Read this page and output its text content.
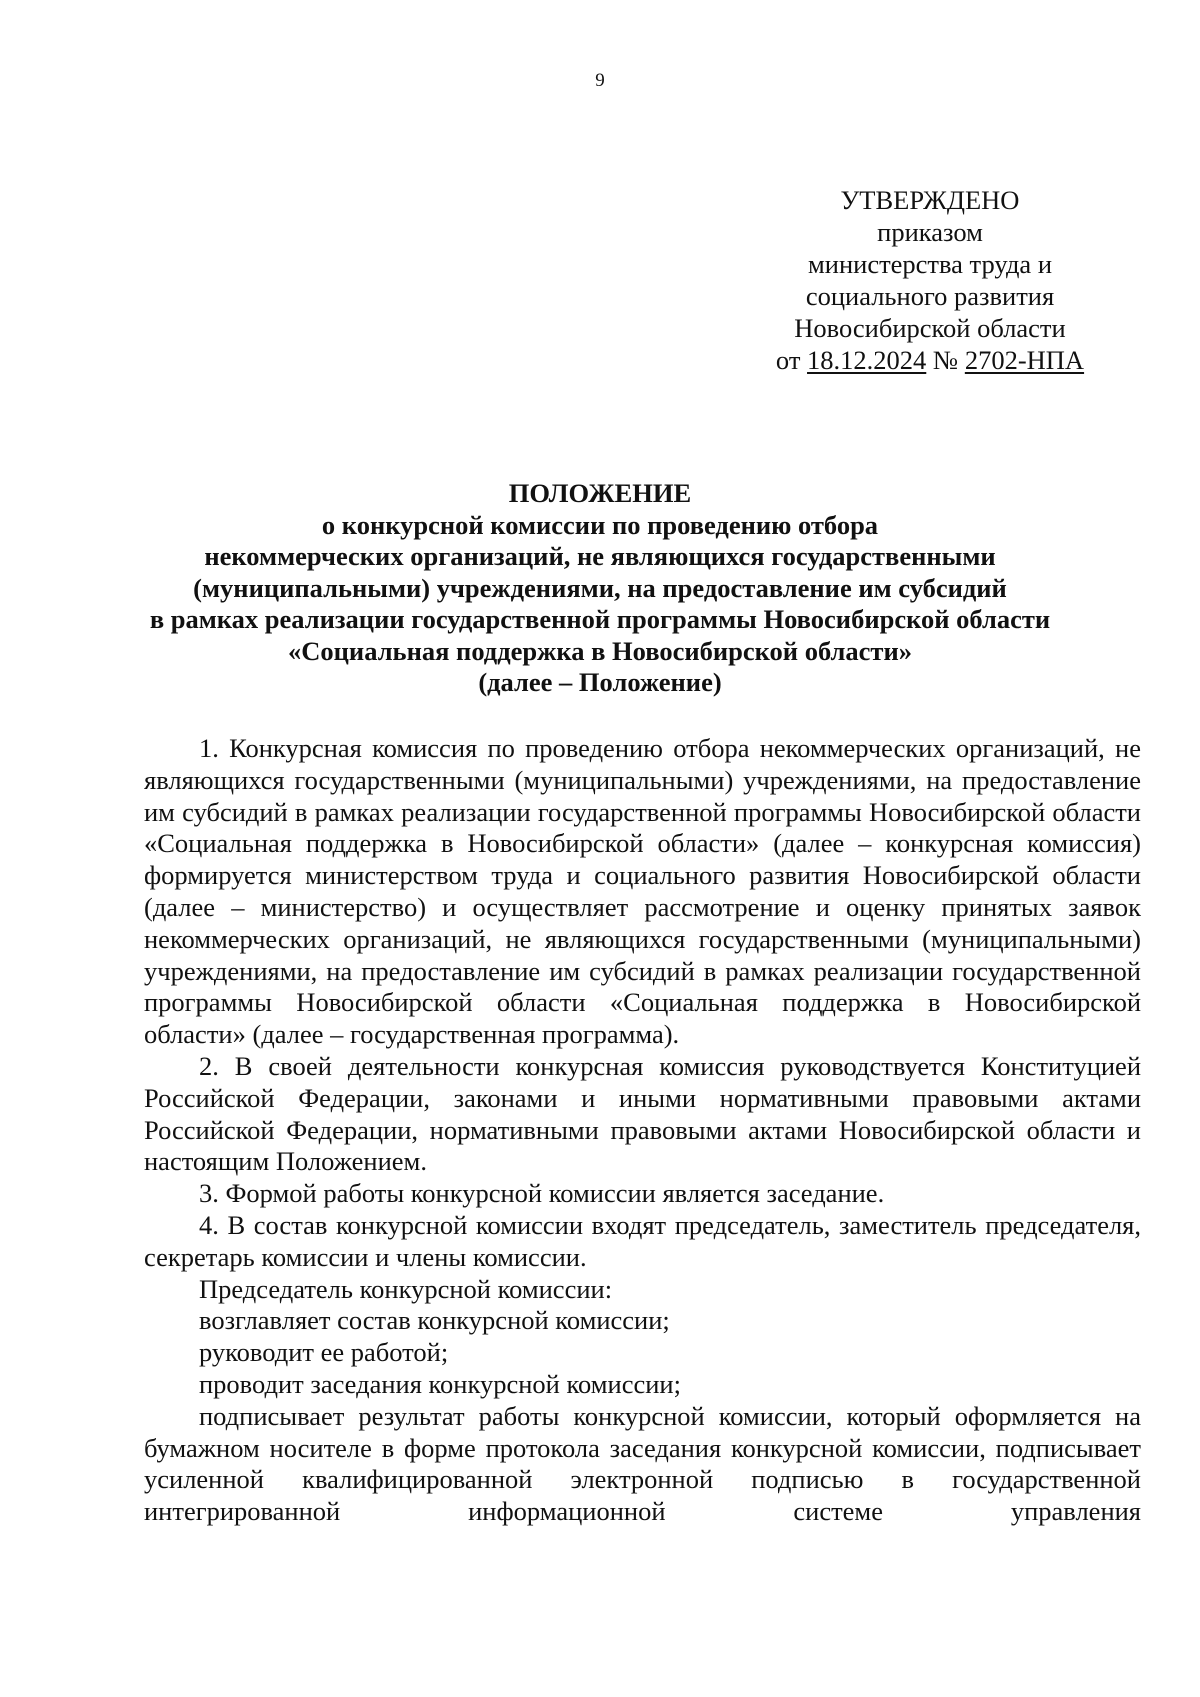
9
УТВЕРЖДЕНО
приказом
министерства труда и
социального развития
Новосибирской области
от 18.12.2024 № 2702-НПА
ПОЛОЖЕНИЕ
о конкурсной комиссии по проведению отбора
некоммерческих организаций, не являющихся государственными
(муниципальными) учреждениями, на предоставление им субсидий
в рамках реализации государственной программы Новосибирской области
«Социальная поддержка в Новосибирской области»
(далее – Положение)

1. Конкурсная комиссия по проведению отбора некоммерческих организаций, не являющихся государственными (муниципальными) учреждениями, на предоставление им субсидий в рамках реализации государственной программы Новосибирской области «Социальная поддержка в Новосибирской области» (далее – конкурсная комиссия) формируется министерством труда и социального развития Новосибирской области (далее – министерство) и осуществляет рассмотрение и оценку принятых заявок некоммерческих организаций, не являющихся государственными (муниципальными) учреждениями, на предоставление им субсидий в рамках реализации государственной программы Новосибирской области «Социальная поддержка в Новосибирской области» (далее – государственная программа).

2. В своей деятельности конкурсная комиссия руководствуется Конституцией Российской Федерации, законами и иными нормативными правовыми актами Российской Федерации, нормативными правовыми актами Новосибирской области и настоящим Положением.

3. Формой работы конкурсной комиссии является заседание.

4. В состав конкурсной комиссии входят председатель, заместитель председателя, секретарь комиссии и члены комиссии.

Председатель конкурсной комиссии:

возглавляет состав конкурсной комиссии;

руководит ее работой;

проводит заседания конкурсной комиссии;

подписывает результат работы конкурсной комиссии, который оформляется на бумажном носителе в форме протокола заседания конкурсной комиссии, подписывает усиленной квалифицированной электронной подписью в государственной интегрированной информационной системе управления
